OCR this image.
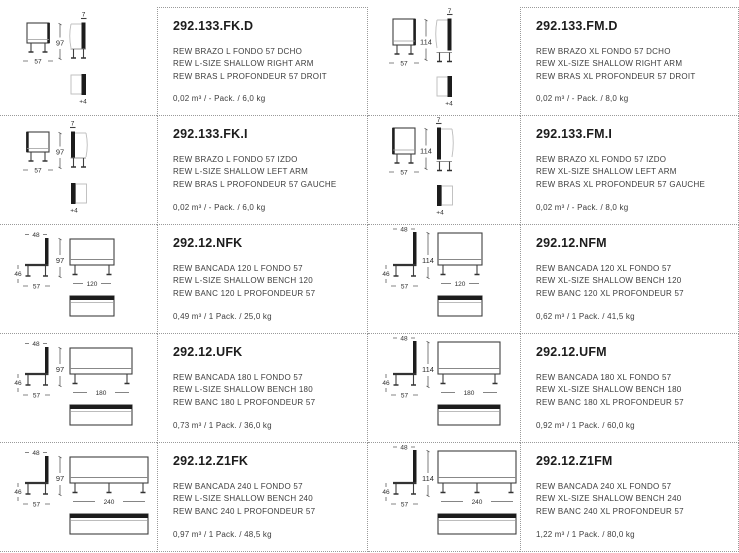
57
97
7
+4
292.133.FK.D
REW BRAZO L FONDO 57 DCHO
REW L-SIZE SHALLOW RIGHT ARM
REW BRAS L PROFONDEUR 57 DROIT
0,02 m³ / - Pack. / 6,0 kg
57
114
7
+4
292.133.FM.D
REW BRAZO XL FONDO 57 DCHO
REW XL-SIZE SHALLOW RIGHT ARM
REW BRAS XL PROFONDEUR 57 DROIT
0,02 m³ / - Pack. / 8,0 kg
57
97
7
+4
292.133.FK.I
REW BRAZO L FONDO 57 IZDO
REW L-SIZE SHALLOW LEFT ARM
REW BRAS L PROFONDEUR 57 GAUCHE
0,02 m³ / - Pack. / 6,0 kg
57
114
7
+4
292.133.FM.I
REW BRAZO XL FONDO 57 IZDO
REW XL-SIZE SHALLOW LEFT ARM
REW BRAS XL PROFONDEUR 57 GAUCHE
0,02 m³ / - Pack. / 8,0 kg
48
46
57
97
120
292.12.NFK
REW BANCADA 120 L FONDO 57
REW L-SIZE SHALLOW BENCH 120
REW BANC 120 L PROFONDEUR 57
0,49 m³ / 1 Pack. / 25,0 kg
48
46
57
114
120
292.12.NFM
REW BANCADA 120 XL FONDO 57
REW XL-SIZE SHALLOW BENCH 120
REW BANC 120 XL PROFONDEUR 57
0,62 m³ / 1 Pack. / 41,5 kg
48
46
57
97
180
292.12.UFK
REW BANCADA 180 L FONDO 57
REW L-SIZE SHALLOW BENCH 180
REW BANC 180 L PROFONDEUR 57
0,73 m³ / 1 Pack. / 36,0 kg
48
46
57
114
180
292.12.UFM
REW BANCADA 180 XL FONDO 57
REW XL-SIZE SHALLOW BENCH 180
REW BANC 180 XL PROFONDEUR 57
0,92 m³ / 1 Pack. / 60,0 kg
48
46
57
97
240
292.12.Z1FK
REW BANCADA 240 L FONDO 57
REW L-SIZE SHALLOW BENCH 240
REW BANC 240 L PROFONDEUR 57
0,97 m³ / 1 Pack. / 48,5 kg
48
46
57
114
240
292.12.Z1FM
REW BANCADA 240 XL FONDO 57
REW XL-SIZE SHALLOW BENCH 240
REW BANC 240 XL PROFONDEUR 57
1,22 m³ / 1 Pack. / 80,0 kg
